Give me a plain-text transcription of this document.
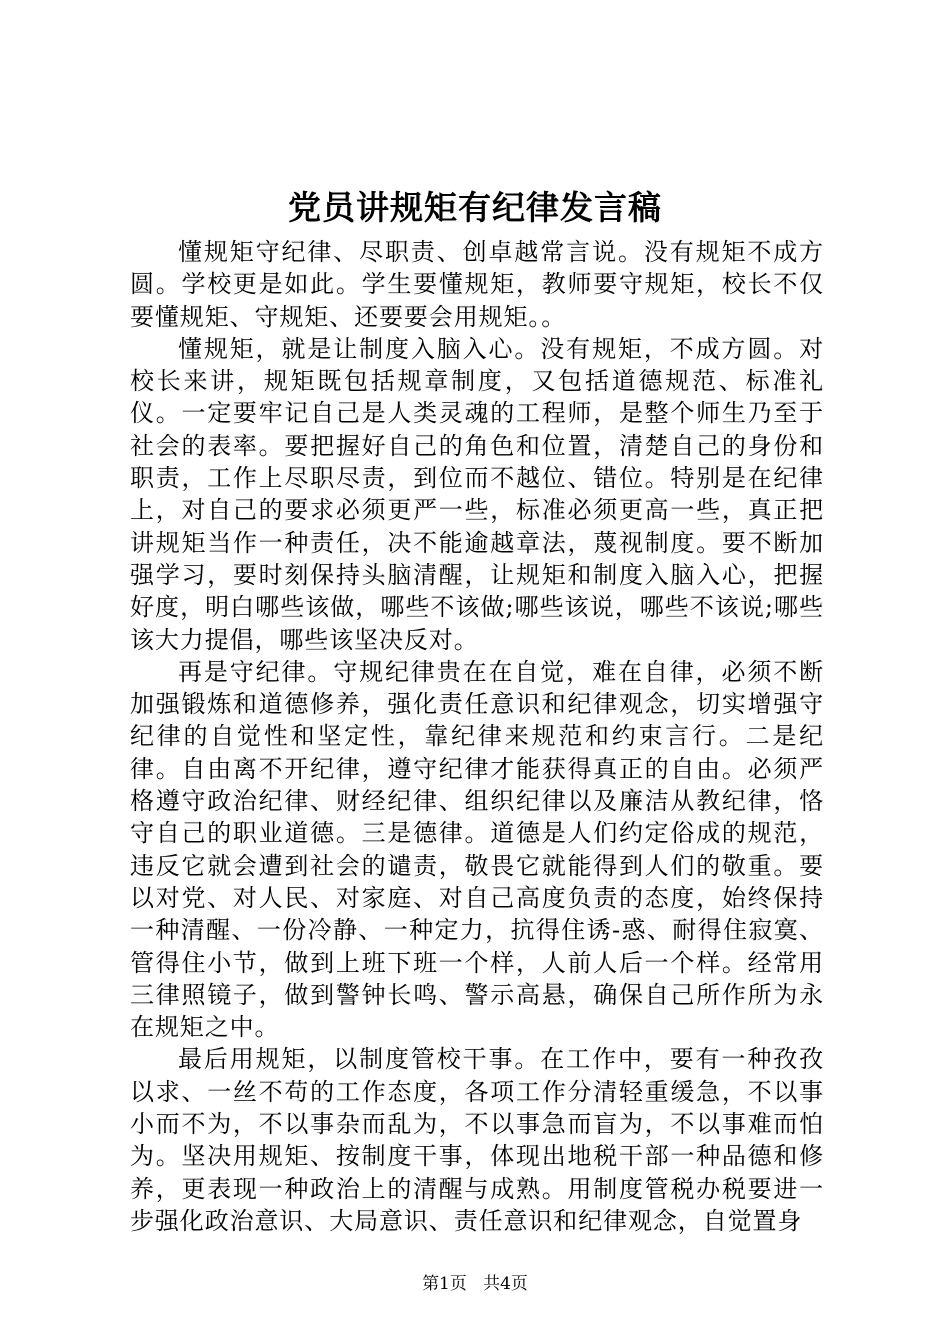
党员讲规矩有纪律发言稿

懂规矩守纪律、尽职责、创卓越常言说。没有规矩不成方圆。学校更是如此。学生要懂规矩，教师要守规矩，校长不仅要懂规矩、守规矩、还要要会用规矩。。

懂规矩，就是让制度入脑入心。没有规矩，不成方圆。对校长来讲，规矩既包括规章制度，又包括道德规范、标准礼仪。一定要牢记自己是人类灵魂的工程师，是整个师生乃至于社会的表率。要把握好自己的角色和位置，清楚自己的身份和职责，工作上尽职尽责，到位而不越位、错位。特别是在纪律上，对自己的要求必须更严一些，标准必须更高一些，真正把讲规矩当作一种责任，决不能逾越章法，蔑视制度。要不断加强学习，要时刻保持头脑清醒，让规矩和制度入脑入心，把握好度，明白哪些该做，哪些不该做;哪些该说，哪些不该说;哪些该大力提倡，哪些该坚决反对。

再是守纪律。守规纪律贵在在自觉，难在自律，必须不断加强锻炼和道德修养，强化责任意识和纪律观念，切实增强守纪律的自觉性和坚定性，靠纪律来规范和约束言行。二是纪律。自由离不开纪律，遵守纪律才能获得真正的自由。必须严格遵守政治纪律、财经纪律、组织纪律以及廉洁从教纪律，恪守自己的职业道德。三是德律。道德是人们约定俗成的规范，违反它就会遭到社会的谴责，敬畏它就能得到人们的敬重。要以对党、对人民、对家庭、对自己高度负责的态度，始终保持一种清醒、一份冷静、一种定力，抗得住诱-惑、耐得住寂寞、管得住小节，做到上班下班一个样，人前人后一个样。经常用三律照镜子，做到警钟长鸣、警示高悬，确保自己所作所为永在规矩之中。

最后用规矩，以制度管校干事。在工作中，要有一种孜孜以求、一丝不苟的工作态度，各项工作分清轻重缓急，不以事小而不为，不以事杂而乱为，不以事急而盲为，不以事难而怕为。坚决用规矩、按制度干事，体现出地税干部一种品德和修养，更表现一种政治上的清醒与成熟。用制度管税办税要进一步强化政治意识、大局意识、责任意识和纪律观念，自觉置身

第1页 共4页
